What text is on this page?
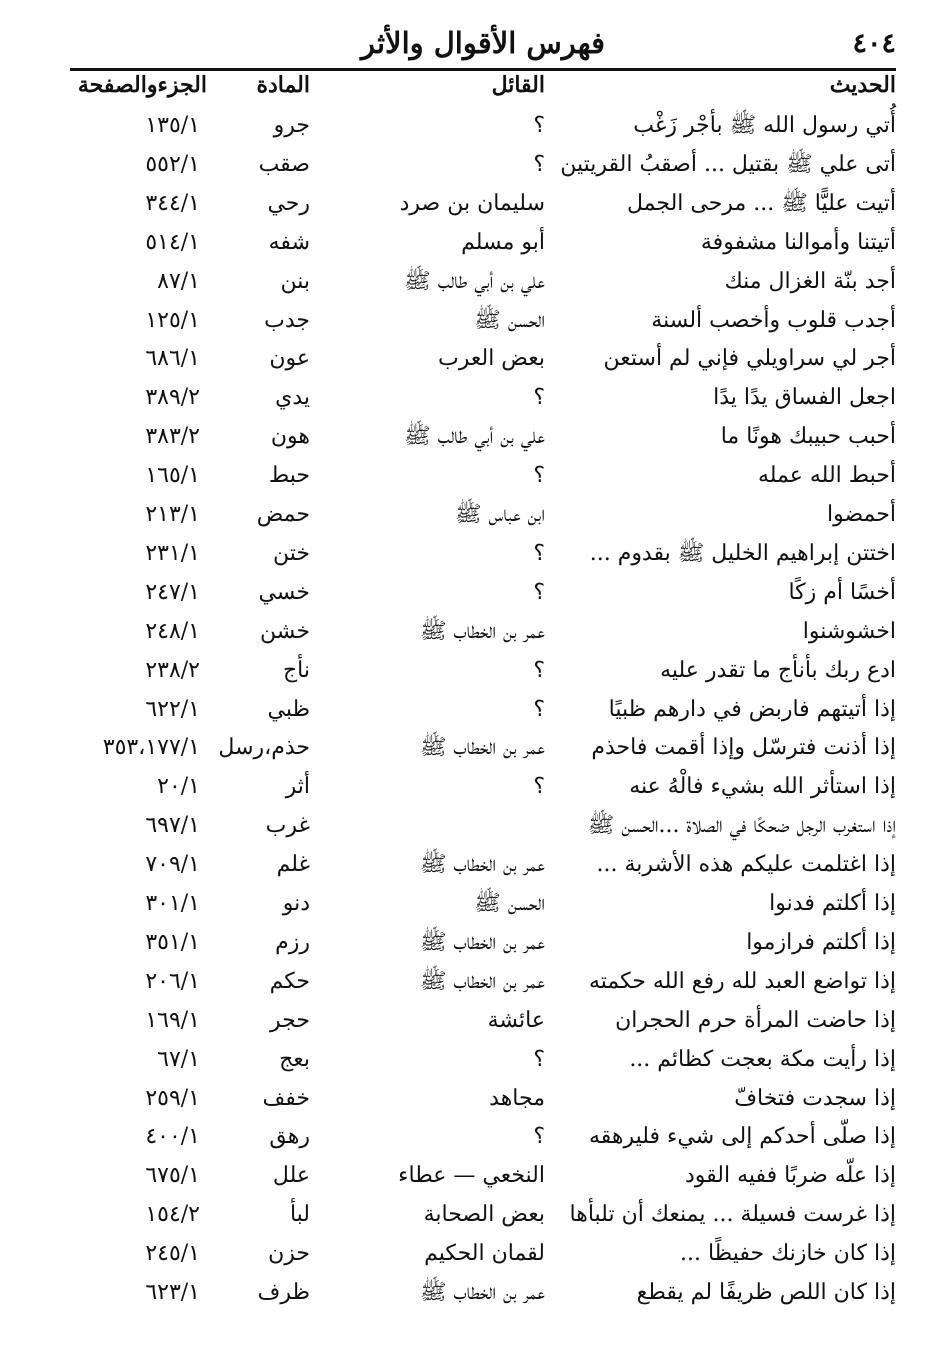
٤٠٤
فهرس الأقوال والأثر
الحديث
القائل
المادة
الجزءوالصفحة
أُتي رسول الله ﷺ بأجْر زَغْب
؟
جرو
١٣٥/١
أتى علي ﷺ بقتيل ... أصقبُ القريتين
؟
صقب
٥٥٢/١
أتيت عليًّا ﷺ ... مرحى الجمل
سليمان بن صرد
رحي
٣٤٤/١
أتيتنا وأموالنا مشفوفة
أبو مسلم
شفه
٥١٤/١
أجد بنّة الغزال منك
علي بن أبي طالب ﷺ
بنن
٨٧/١
أجدب قلوب وأخصب ألسنة
الحسن ﷺ
جدب
١٢٥/١
أجر لي سراويلي فإني لم أستعن
بعض العرب
عون
٦٨٦/١
اجعل الفساق يدًا يدًا
؟
يدي
٣٨٩/٢
أحبب حبيبك هونًا ما
علي بن أبي طالب ﷺ
هون
٣٨٣/٢
أحبط الله عمله
؟
حبط
١٦٥/١
أحمضوا
ابن عباس ﷺ
حمض
٢١٣/١
اختتن إبراهيم الخليل ﷺ بقدوم ...
؟
ختن
٢٣١/١
أخسًا أم زكًا
؟
خسي
٢٤٧/١
اخشوشنوا
عمر بن الخطاب ﷺ
خشن
٢٤٨/١
ادع ربك بأنأج ما تقدر عليه
؟
نأج
٢٣٨/٢
إذا أتيتهم فاربض في دارهم ظبيًا
؟
ظبي
٦٢٢/١
إذا أذنت فترسّل وإذا أقمت فاحذم
عمر بن الخطاب ﷺ
حذم،رسل
٣٥٣،١٧٧/١
إذا استأثر الله بشيء فالْهُ عنه
؟
أثر
٢٠/١
إذا استغرب الرجل ضحكًا في الصلاة ...الحسن ﷺ
غرب
٦٩٧/١
إذا اغتلمت عليكم هذه الأشربة ...
عمر بن الخطاب ﷺ
غلم
٧٠٩/١
إذا أكلتم فدنوا
الحسن ﷺ
دنو
٣٠١/١
إذا أكلتم فرازموا
عمر بن الخطاب ﷺ
رزم
٣٥١/١
إذا تواضع العبد لله رفع الله حكمته
عمر بن الخطاب ﷺ
حكم
٢٠٦/١
إذا حاضت المرأة حرم الحجران
عائشة
حجر
١٦٩/١
إذا رأيت مكة بعجت كظائم ...
؟
بعج
٦٧/١
إذا سجدت فتخافّ
مجاهد
خفف
٢٥٩/١
إذا صلّى أحدكم إلى شيء فليرهقه
؟
رهق
٤٠٠/١
إذا علّه ضربًا ففيه القود
النخعي — عطاء
علل
٦٧٥/١
إذا غرست فسيلة ... يمنعك أن تلبأها
بعض الصحابة
لبأ
١٥٤/٢
إذا كان خازنك حفيظًا ...
لقمان الحكيم
حزن
٢٤٥/١
إذا كان اللص ظريفًا لم يقطع
عمر بن الخطاب ﷺ
ظرف
٦٢٣/١
